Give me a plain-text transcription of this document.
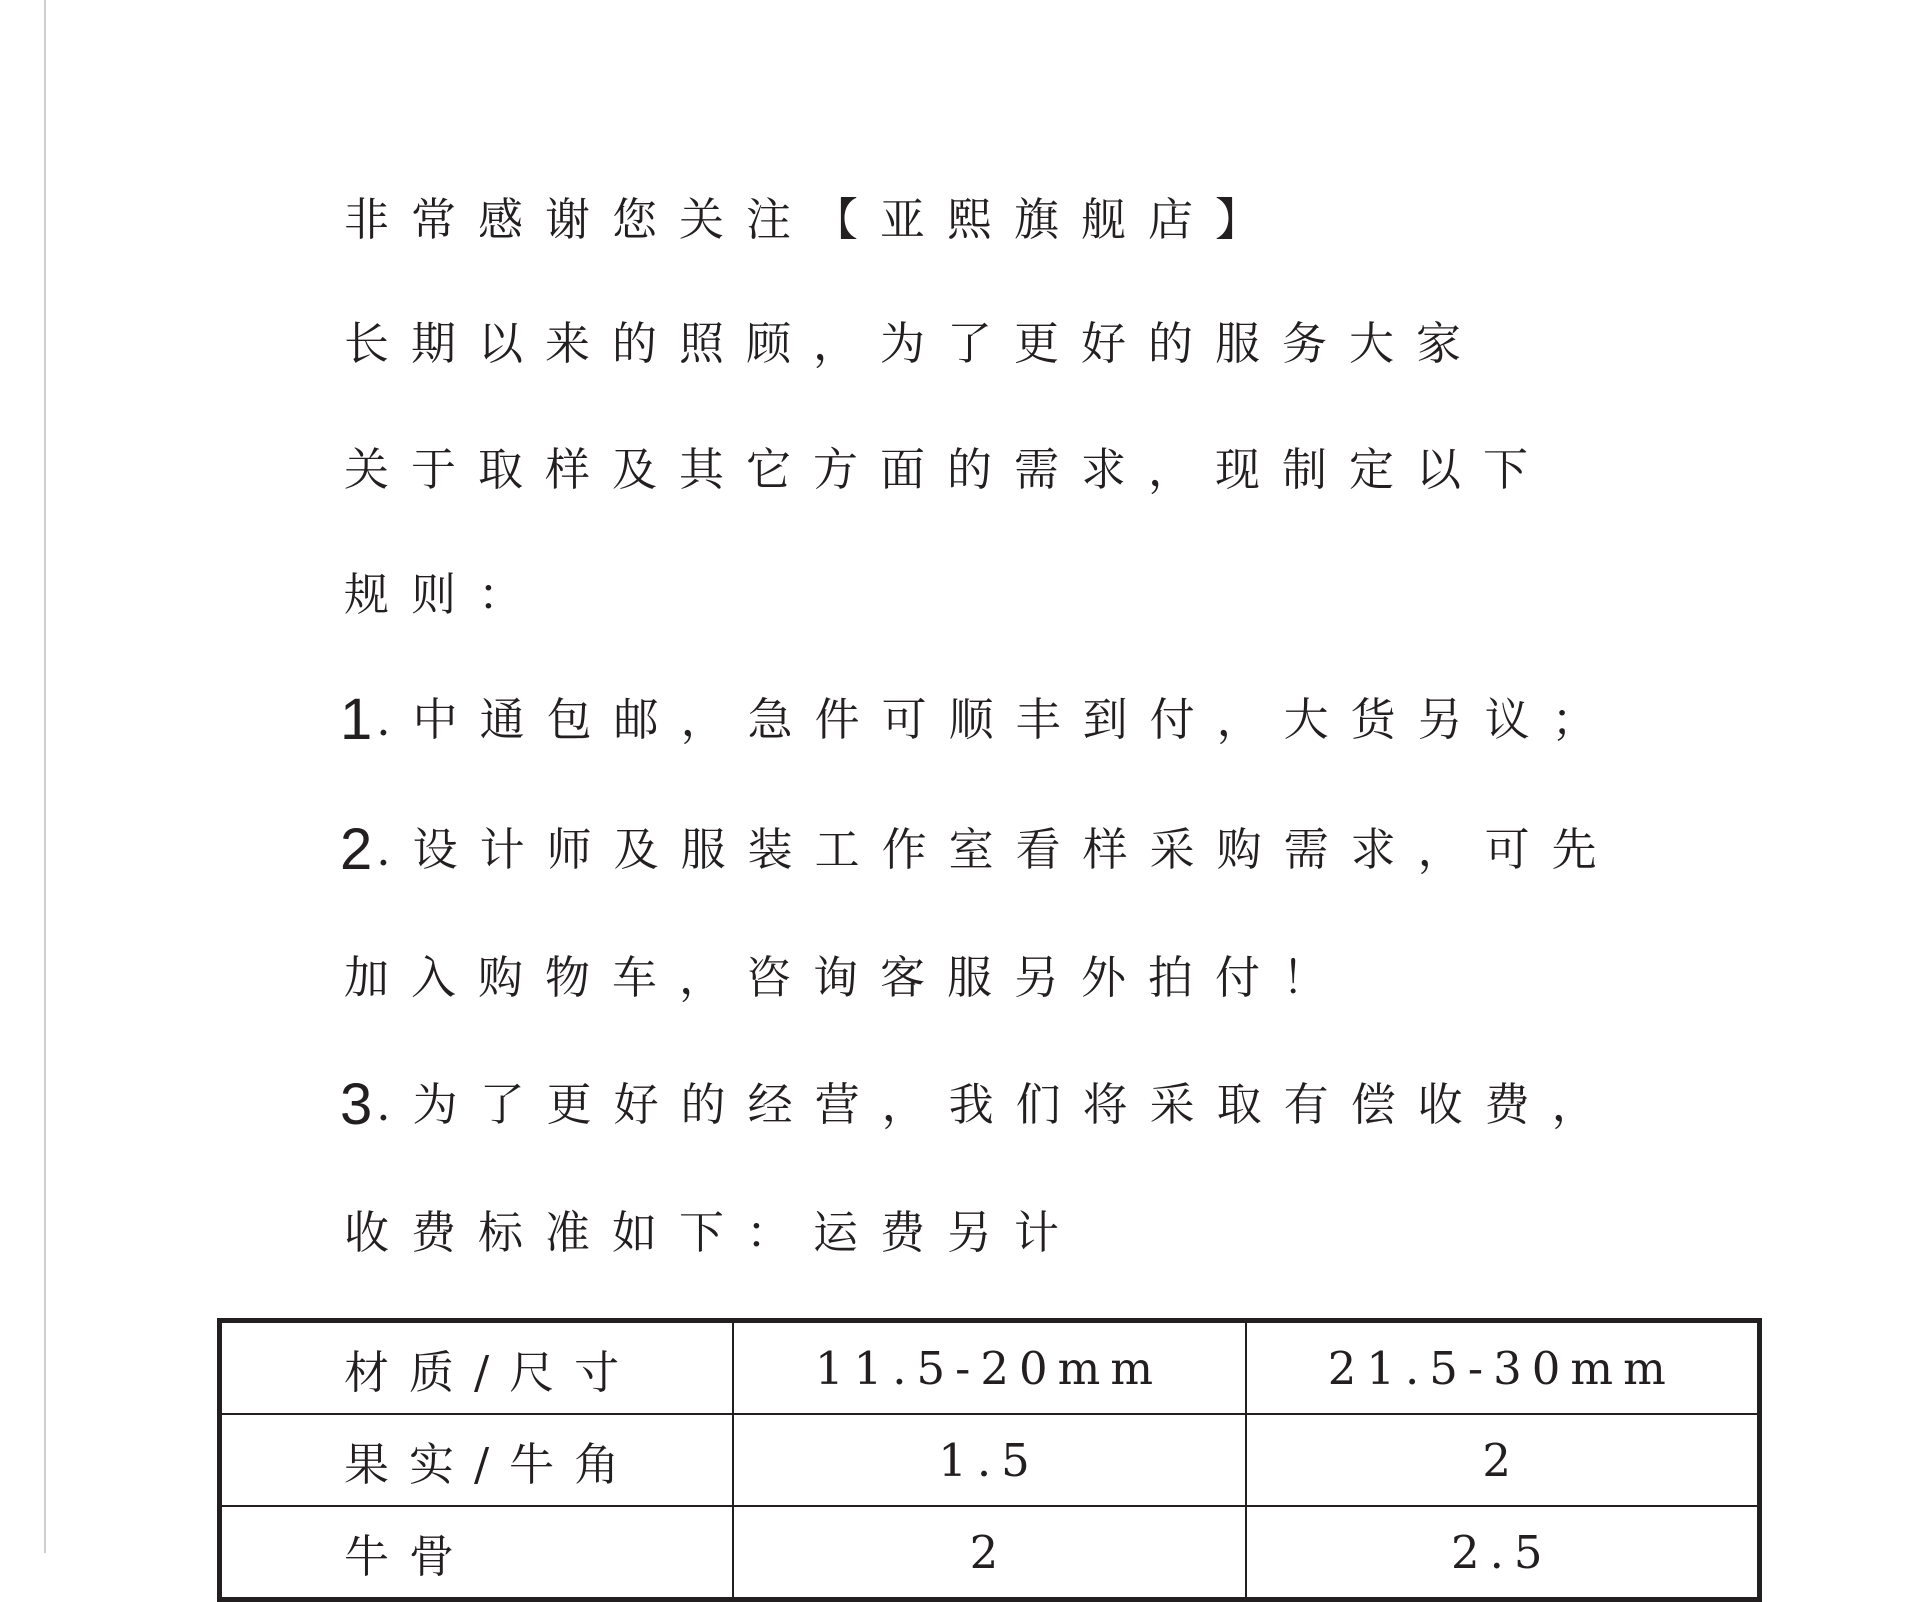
非常感谢您关注【亚熙旗舰店】
长期以来的照顾，为了更好的服务大家
关于取样及其它方面的需求，现制定以下
规则：
1 .中通包邮，急件可顺丰到付，大货另议；
2 .设计师及服装工作室看样采购需求，可先
加入购物车，咨询客服另外拍付！
3 .为了更好的经营，我们将采取有偿收费，
收费标准如下：运费另计
材质/尺寸	11.5-20mm	21.5-30mm
果实/牛角	1.5	2
牛骨	2	2.5
